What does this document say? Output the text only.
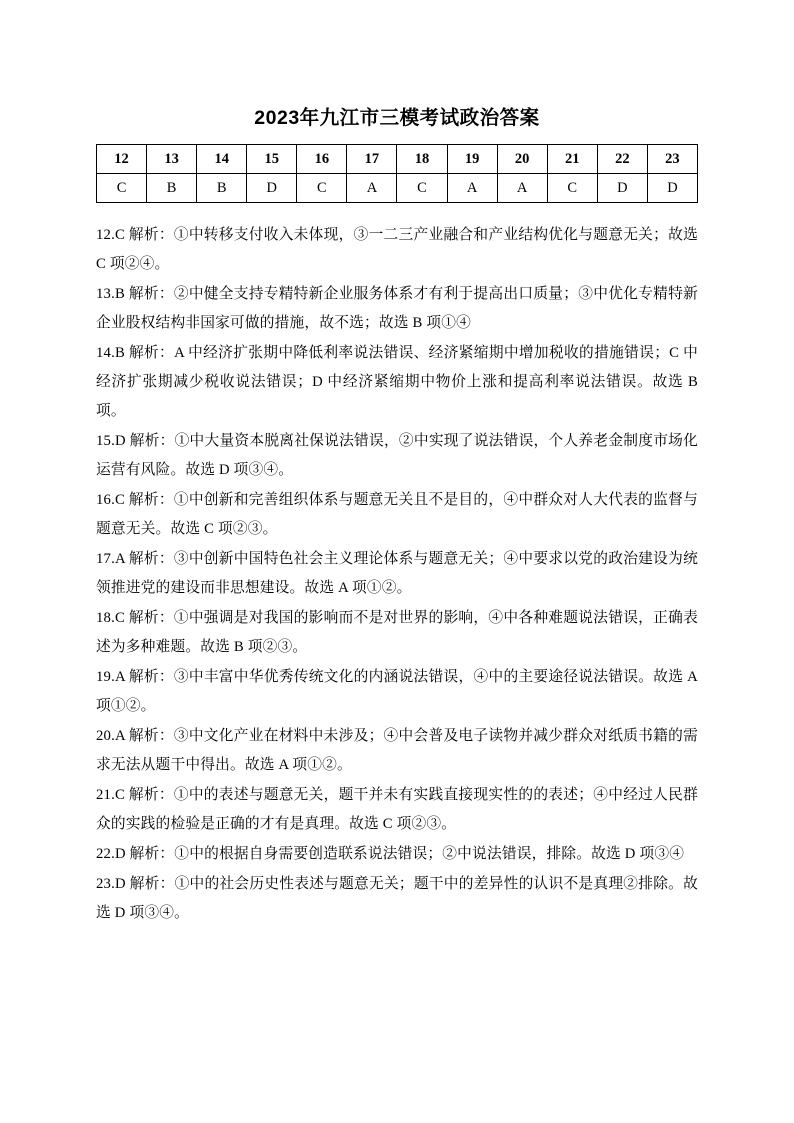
2023年九江市三模考试政治答案
12	13	14	15	16	17	18	19	20	21	22	23
C	B	B	D	C	A	C	A	A	C	D	D

12.C 解析：①中转移支付收入未体现，③一二三产业融合和产业结构优化与题意无关；故选 C 项②④。

13.B 解析：②中健全支持专精特新企业服务体系才有利于提高出口质量；③中优化专精特新企业股权结构非国家可做的措施，故不选；故选 B 项①④

14.B 解析：A 中经济扩张期中降低利率说法错误、经济紧缩期中增加税收的措施错误；C 中经济扩张期减少税收说法错误；D 中经济紧缩期中物价上涨和提高利率说法错误。故选 B 项。

15.D 解析：①中大量资本脱离社保说法错误，②中实现了说法错误，个人养老金制度市场化运营有风险。故选 D 项③④。

16.C 解析：①中创新和完善组织体系与题意无关且不是目的，④中群众对人大代表的监督与题意无关。故选 C 项②③。

17.A 解析：③中创新中国特色社会主义理论体系与题意无关；④中要求以党的政治建设为统领推进党的建设而非思想建设。故选 A 项①②。

18.C 解析：①中强调是对我国的影响而不是对世界的影响，④中各种难题说法错误，正确表述为多种难题。故选 B 项②③。

19.A 解析：③中丰富中华优秀传统文化的内涵说法错误，④中的主要途径说法错误。故选 A 项①②。

20.A 解析：③中文化产业在材料中未涉及；④中会普及电子读物并减少群众对纸质书籍的需求无法从题干中得出。故选 A 项①②。

21.C 解析：①中的表述与题意无关，题干并未有实践直接现实性的的表述；④中经过人民群众的实践的检验是正确的才有是真理。故选 C 项②③。

22.D 解析：①中的根据自身需要创造联系说法错误；②中说法错误，排除。故选 D 项③④

23.D 解析：①中的社会历史性表述与题意无关；题干中的差异性的认识不是真理②排除。故选 D 项③④。
